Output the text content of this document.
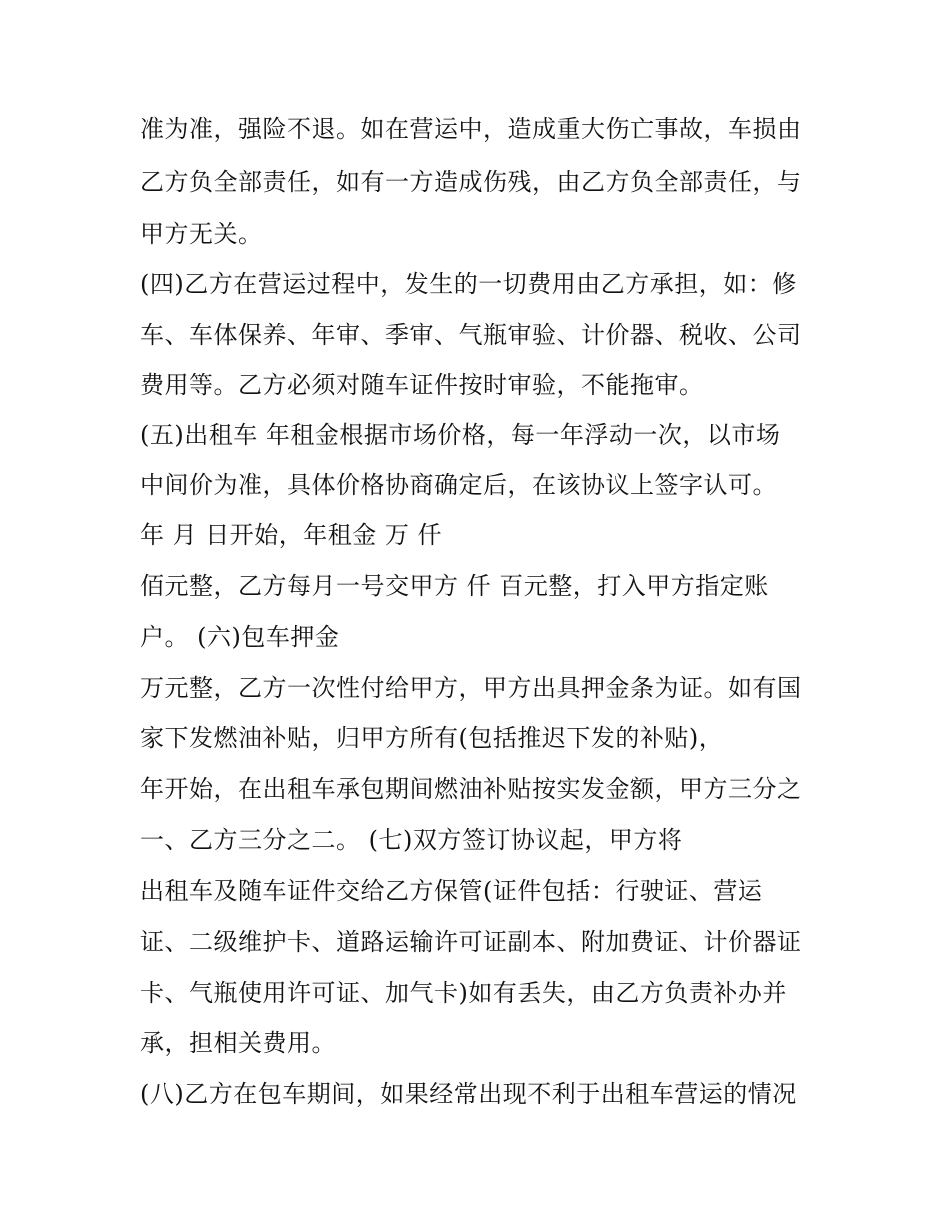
准为准，强险不退。如在营运中，造成重大伤亡事故，车损由
乙方负全部责任，如有一方造成伤残，由乙方负全部责任，与
甲方无关。
(四)乙方在营运过程中，发生的一切费用由乙方承担，如：修
车、车体保养、年审、季审、气瓶审验、计价器、税收、公司
费用等。乙方必须对随车证件按时审验，不能拖审。
(五)出租车 年租金根据市场价格，每一年浮动一次，以市场
中间价为准，具体价格协商确定后，在该协议上签字认可。
年 月 日开始，年租金 万 仟
佰元整，乙方每月一号交甲方 仟 百元整，打入甲方指定账
户。 (六)包车押金
万元整，乙方一次性付给甲方，甲方出具押金条为证。如有国
家下发燃油补贴，归甲方所有(包括推迟下发的补贴)，
年开始，在出租车承包期间燃油补贴按实发金额，甲方三分之
一、乙方三分之二。 (七)双方签订协议起，甲方将
出租车及随车证件交给乙方保管(证件包括：行驶证、营运
证、二级维护卡、道路运输许可证副本、附加费证、计价器证
卡、气瓶使用许可证、加气卡)如有丢失，由乙方负责补办并
承，担相关费用。
(八)乙方在包车期间，如果经常出现不利于出租车营运的情况
